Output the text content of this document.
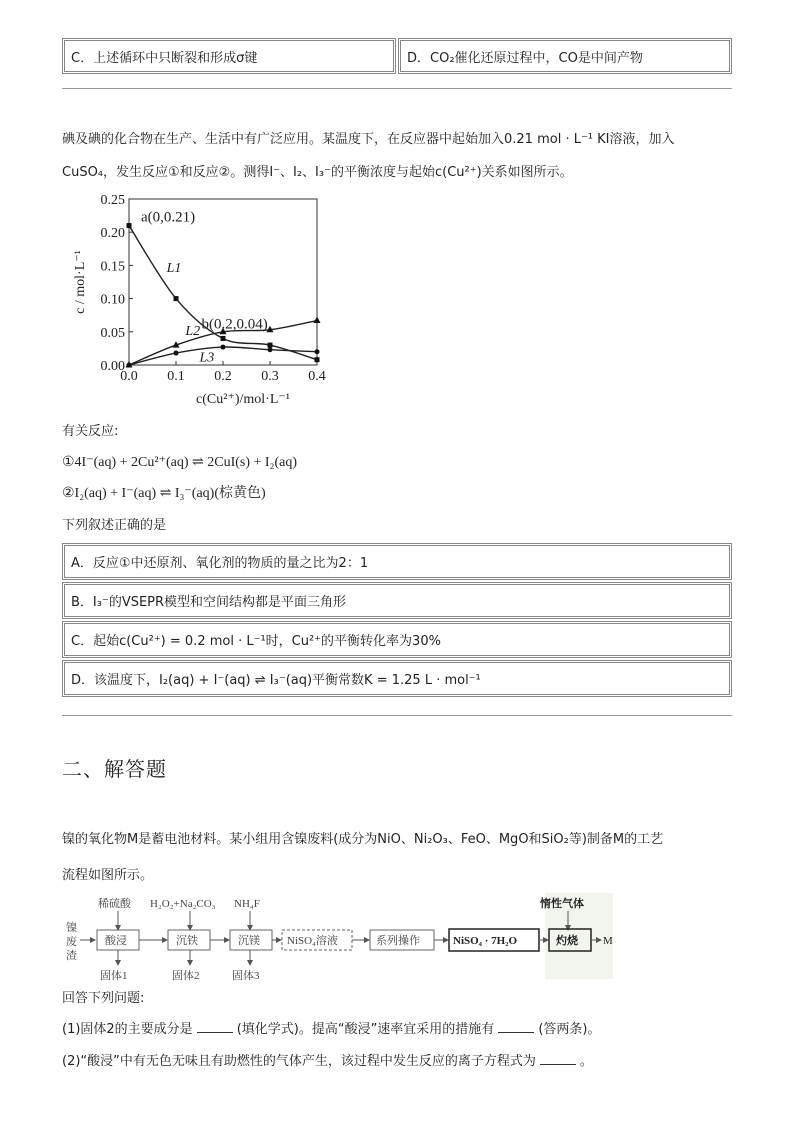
C．上述循环中只断裂和形成σ键	D．CO₂催化还原过程中，CO是中间产物
碘及碘的化合物在生产、生活中有广泛应用。某温度下，在反应器中起始加入0.21 mol · L⁻¹ KI溶液，加入
CuSO₄，发生反应①和反应②。测得I⁻、I₂、I₃⁻的平衡浓度与起始c(Cu²⁺)关系如图所示。
0.0 0.1 0.2 0.3 0.4
0.00
0.05
0.10
0.15
0.20
0.25
c(Cu²⁺)/mol·L⁻¹
c / mol·L⁻¹
a(0,0.21)
b(0.2,0.04)
L1
L2
L3
有关反应:
①4I⁻(aq) + 2Cu²⁺(aq) ⇌ 2CuI(s) + I₂(aq)
②I₂(aq) + I⁻(aq) ⇌ I₃⁻(aq)(棕黄色)
下列叙述正确的是
A．反应①中还原剂、氧化剂的物质的量之比为2：1
B．I₃⁻的VSEPR模型和空间结构都是平面三角形
C．起始c(Cu²⁺) = 0.2 mol · L⁻¹时，Cu²⁺的平衡转化率为30%
D．该温度下，I₂(aq) + I⁻(aq) ⇌ I₃⁻(aq)平衡常数K = 1.25 L · mol⁻¹
二、解答题
镍的氧化物M是蓄电池材料。某小组用含镍废料(成分为NiO、Ni₂O₃、FeO、MgO和SiO₂等)制备M的工艺
流程如图所示。
镍
废
渣
稀硫酸 H₂O₂+Na₂CO₃ NH₄F	惰性气体
酸浸	沉铁	沉镁 NiSO₄溶液	系列操作	NiSO₄ · 7H₂O	灼烧 M
固体1	固体2	固体3
回答下列问题:
(1)固体2的主要成分是	(填化学式)。提高“酸浸”速率宜采用的措施有	(答两条)。
(2)“酸浸”中有无色无味且有助燃性的气体产生，该过程中发生反应的离子方程式为	。
